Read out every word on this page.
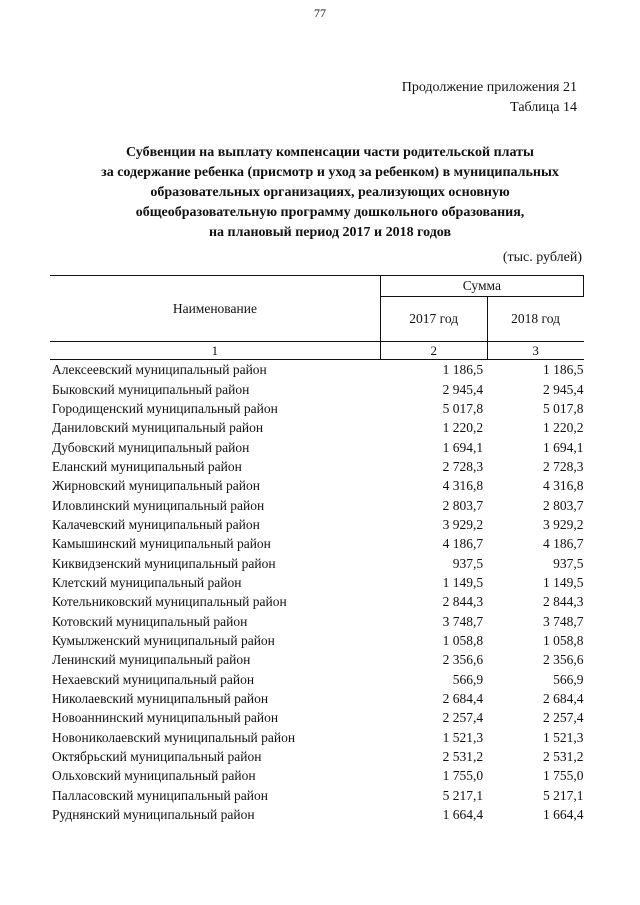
77
Продолжение приложения 21
Таблица 14
Субвенции на выплату компенсации части родительской платы
за содержание ребенка (присмотр и уход за ребенком) в муниципальных
образовательных организациях, реализующих основную
общеобразовательную программу дошкольного образования,
на плановый период 2017 и 2018 годов
(тыс. рублей)
Наименование	Сумма	
	2017 год	2018 год
1	2	3
Алексеевский муниципальный район	1 186,5	1 186,5
Быковский муниципальный район	2 945,4	2 945,4
Городищенский муниципальный район	5 017,8	5 017,8
Даниловский муниципальный район	1 220,2	1 220,2
Дубовский муниципальный район	1 694,1	1 694,1
Еланский муниципальный район	2 728,3	2 728,3
Жирновский муниципальный район	4 316,8	4 316,8
Иловлинский муниципальный район	2 803,7	2 803,7
Калачевский муниципальный район	3 929,2	3 929,2
Камышинский муниципальный район	4 186,7	4 186,7
Киквидзенский муниципальный район	937,5	937,5
Клетский муниципальный район	1 149,5	1 149,5
Котельниковский муниципальный район	2 844,3	2 844,3
Котовский муниципальный район	3 748,7	3 748,7
Кумылженский муниципальный район	1 058,8	1 058,8
Ленинский муниципальный район	2 356,6	2 356,6
Нехаевский муниципальный район	566,9	566,9
Николаевский муниципальный район	2 684,4	2 684,4
Новоаннинский муниципальный район	2 257,4	2 257,4
Новониколаевский муниципальный район	1 521,3	1 521,3
Октябрьский муниципальный район	2 531,2	2 531,2
Ольховский муниципальный район	1 755,0	1 755,0
Палласовский муниципальный район	5 217,1	5 217,1
Руднянский муниципальный район	1 664,4	1 664,4
